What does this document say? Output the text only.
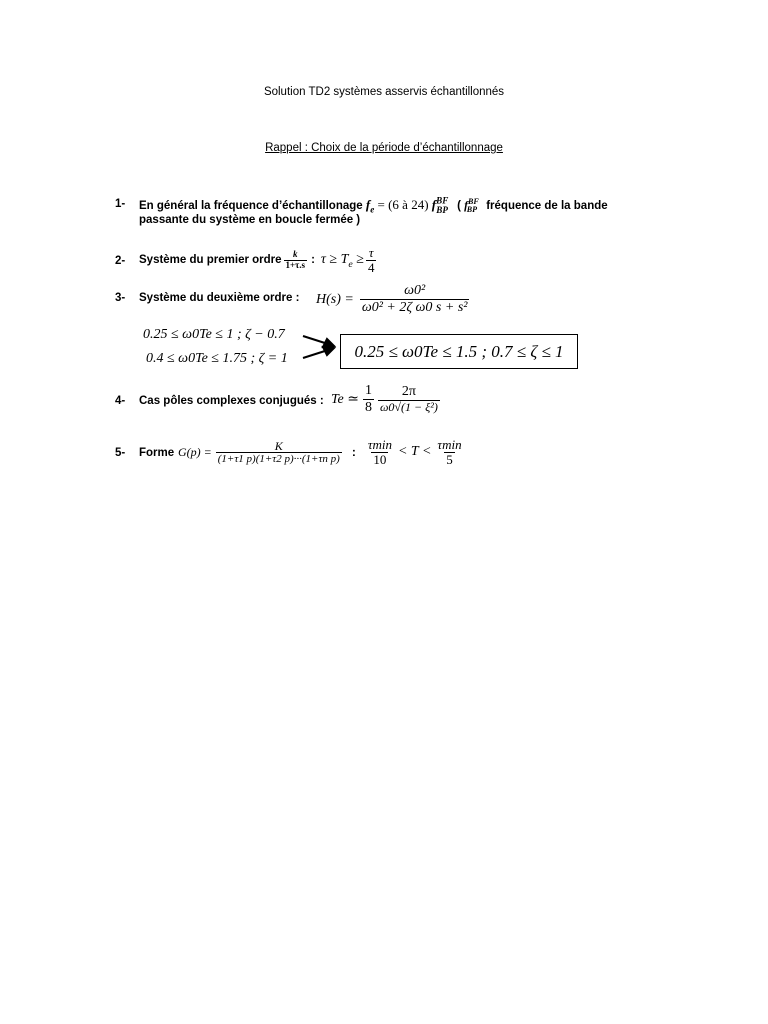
Solution TD2 systèmes asservis échantillonnés
Rappel : Choix de la période d’échantillonnage
1- En général la fréquence d’échantillonage $f_e = (6$ à 24) $f^{BF}_{BP}$ ( $f^{BF}_{BP}$ fréquence de la bande
passante du système en boucle fermée )
2- Système du premier ordre $\frac{k}{1+\tau.s}$ : $\tau \ge T_e \ge \frac{\tau}{4}$
3- Système du deuxième ordre : $H(s) = \frac{\text{ω0²}}{\text{ω0² + 2ζ ω0 s + s²}}$
0.25 ≤ ω0Te ≤ 1 ; ζ − 0.7
0.4 ≤ ω0Te ≤ 1.75 ; ζ = 1	0.25 ≤ ω0Te ≤ 1.5 ; 0.7 ≤ ζ ≤ 1
4- Cas pôles complexes conjugués : Te ≃ $\frac{1}{8} \frac{2\pi}{\text{ω0√(1 − ξ²)}}$
5- Forme $G(p) = \frac{K}{\text{(1+τ1 p)(1+τ2 p)···(1+τn p)}}$ : $\frac{\tau\min}{10} < T < \frac{\tau\min}{5}$
